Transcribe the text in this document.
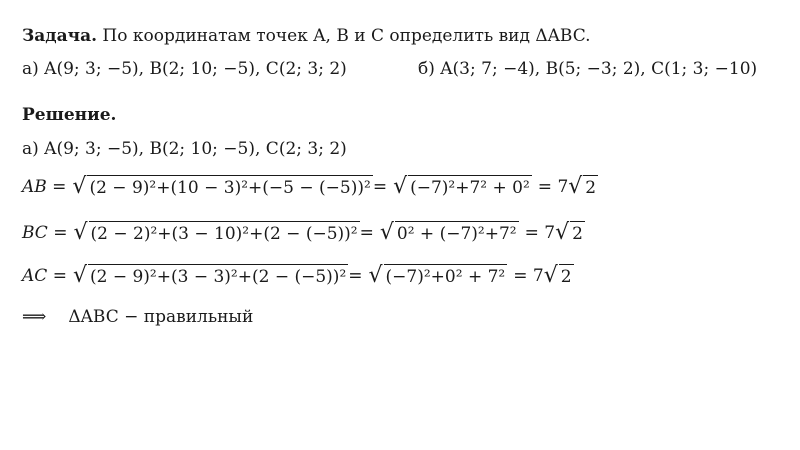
Задача. По координатам точек A, B и C определить вид ΔABC.
а) A(9; 3; −5), B(2; 10; −5), C(2; 3; 2)	б) A(3; 7; −4), B(5; −3; 2), C(1; 3; −10)
Решение.
а) A(9; 3; −5), B(2; 10; −5), C(2; 3; 2)
AB = √ (2 − 9)²+(10 − 3)²+(−5 − (−5))² = √ (−7)²+7² + 0² = 7 √ 2
BC = √ (2 − 2)²+(3 − 10)²+(2 − (−5))² = √ 0² + (−7)²+7² = 7 √ 2
AC = √ (2 − 9)²+(3 − 3)²+(2 − (−5))² = √ (−7)²+0² + 7² = 7 √ 2
⟹ ΔABC − правильный
